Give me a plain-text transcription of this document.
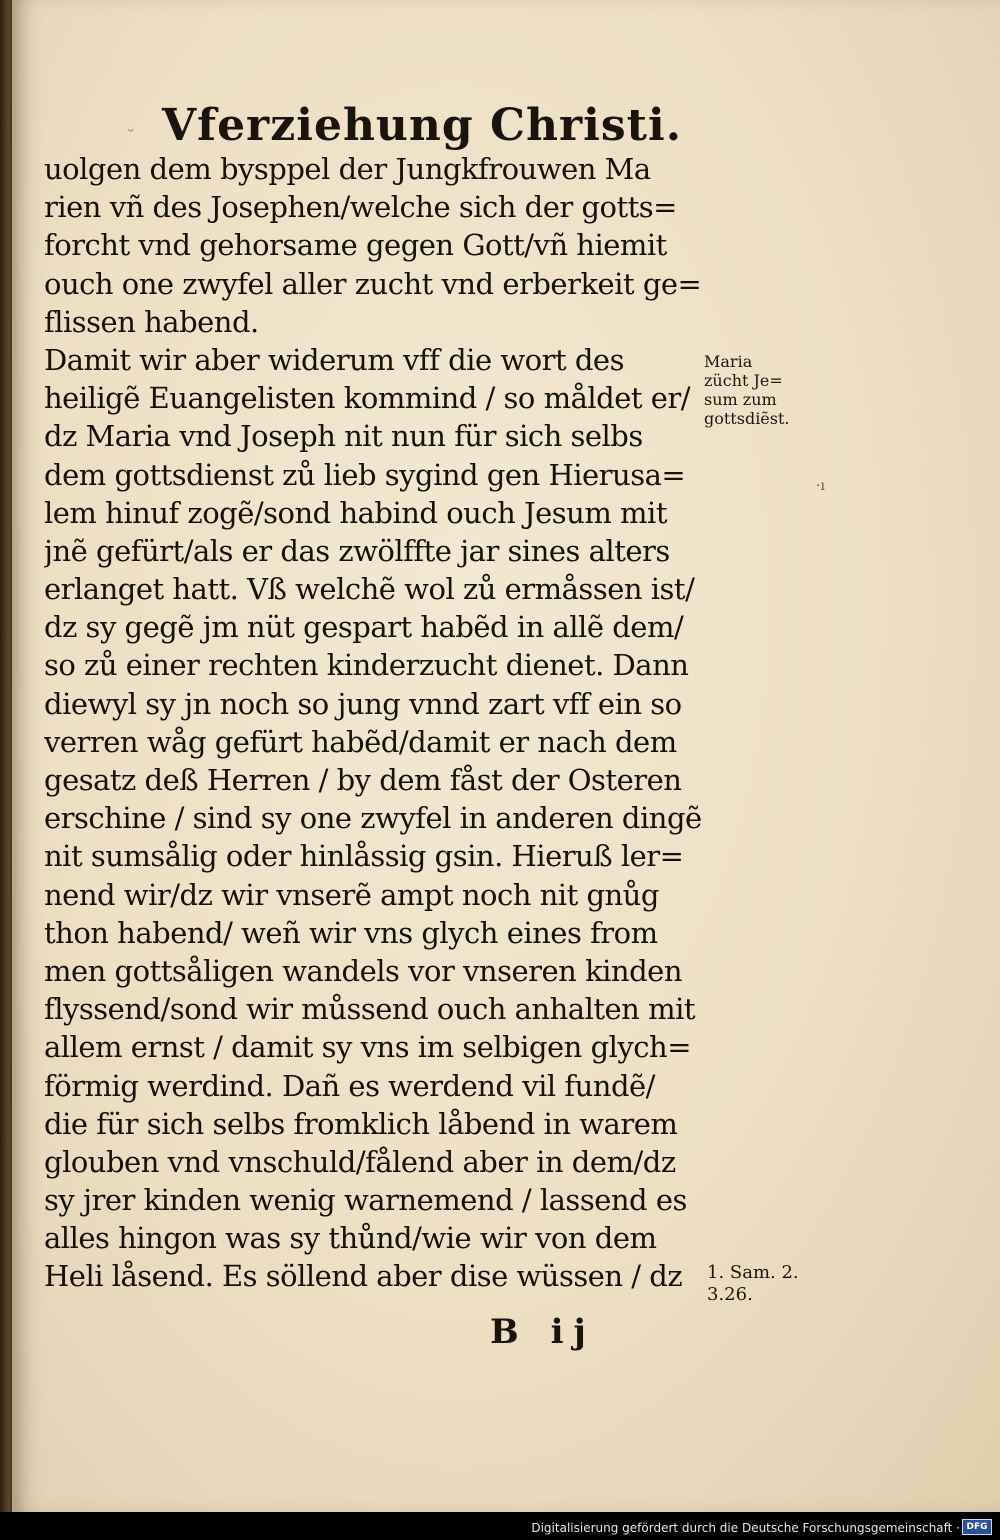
Vferziehung Christi.
ᵕ
·ı
uolgen dem bysppel der Jungkfrouwen Ma
rien vñ des Josephen/welche sich der gotts=
forcht vnd gehorsame gegen Gott/vñ hiemit
ouch one zwyfel aller zucht vnd erberkeit ge=
flissen habend.
Damit wir aber widerum vff die wort des
heiligẽ Euangelisten kommind / so måldet er/
dz Maria vnd Joseph nit nun für sich selbs
dem gottsdienst zů lieb sygind gen Hierusa=
lem hinuf zogẽ/sond habind ouch Jesum mit
jnẽ gefürt/als er das zwölffte jar sines alters
erlanget hatt. Vß welchẽ wol zů ermåssen ist/
dz sy gegẽ jm nüt gespart habẽd in allẽ dem/
so zů einer rechten kinderzucht dienet. Dann
diewyl sy jn noch so jung vnnd zart vff ein so
verren wåg gefürt habẽd/damit er nach dem
gesatz deß Herren / by dem fåst der Osteren
erschine / sind sy one zwyfel in anderen dingẽ
nit sumsålig oder hinlåssig gsin. Hieruß ler=
nend wir/dz wir vnserẽ ampt noch nit gnůg
thon habend/ weñ wir vns glych eines from
men gottsåligen wandels vor vnseren kinden
flyssend/sond wir můssend ouch anhalten mit
allem ernst / damit sy vns im selbigen glych=
förmig werdind. Dañ es werdend vil fundẽ/
die für sich selbs fromklich låbend in warem
glouben vnd vnschuld/fålend aber in dem/dz
sy jrer kinden wenig warnemend / lassend es
alles hingon was sy thůnd/wie wir von dem
Heli låsend. Es söllend aber dise wüssen / dz
Maria
zücht Je=
sum zum
gottsdiẽst.
1. Sam. 2.
3.26.
B ij
Digitalisierung gefördert durch die Deutsche Forschungsgemeinschaft · DFG
